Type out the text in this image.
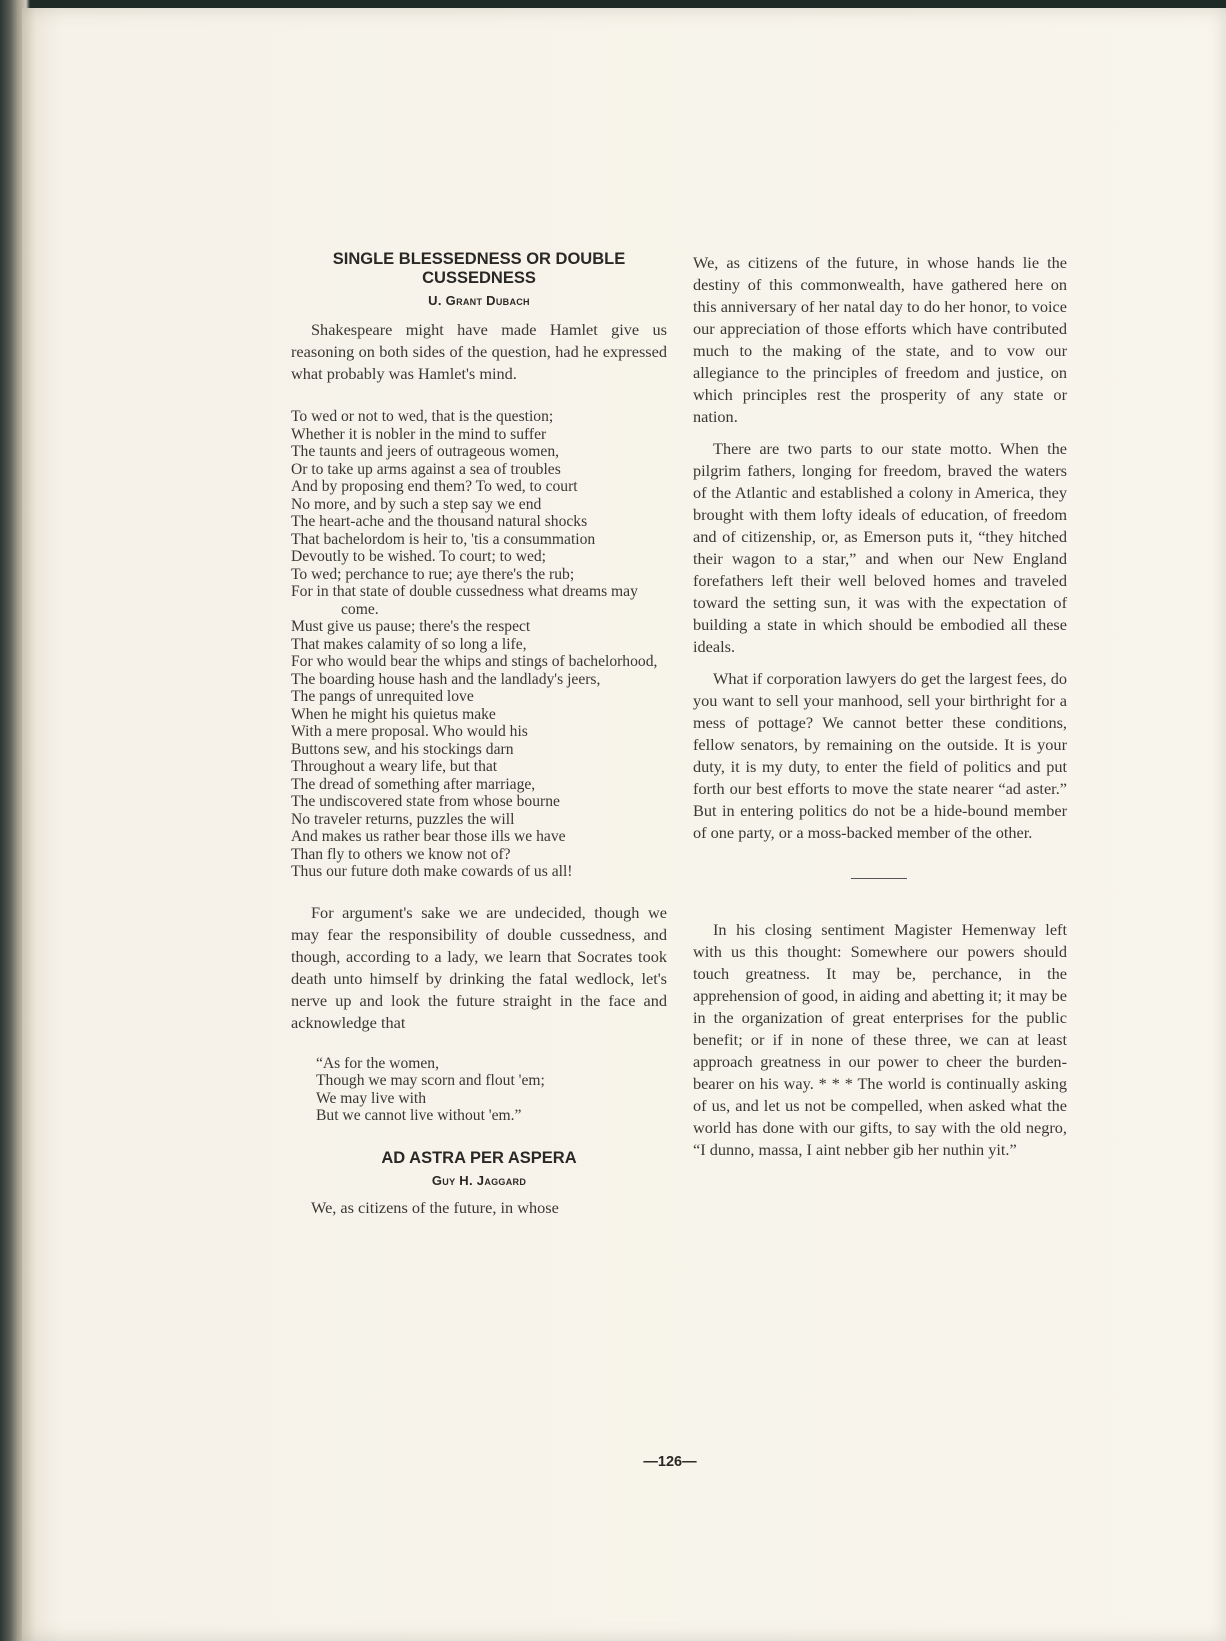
SINGLE BLESSEDNESS OR DOUBLE CUSSEDNESS

U. Grant Dubach

Shakespeare might have made Hamlet give us reasoning on both sides of the question, had he expressed what probably was Hamlet's mind.

To wed or not to wed, that is the question;
Whether it is nobler in the mind to suffer
The taunts and jeers of outrageous women,
Or to take up arms against a sea of troubles
And by proposing end them? To wed, to court
No more, and by such a step say we end
The heart-ache and the thousand natural shocks
That bachelordom is heir to, 'tis a consummation
Devoutly to be wished. To court; to wed;
To wed; perchance to rue; aye there's the rub;
For in that state of double cussedness what dreams may come.
Must give us pause; there's the respect
That makes calamity of so long a life,
For who would bear the whips and stings of bachelorhood,
The boarding house hash and the landlady's jeers,
The pangs of unrequited love
When he might his quietus make
With a mere proposal. Who would his
Buttons sew, and his stockings darn
Throughout a weary life, but that
The dread of something after marriage,
The undiscovered state from whose bourne
No traveler returns, puzzles the will
And makes us rather bear those ills we have
Than fly to others we know not of?
Thus our future doth make cowards of us all!

For argument's sake we are undecided, though we may fear the responsibility of double cussedness, and though, according to a lady, we learn that Socrates took death unto himself by drinking the fatal wedlock, let's nerve up and look the future straight in the face and acknowledge that

“As for the women,
Though we may scorn and flout 'em;
We may live with
But we cannot live without 'em.”
AD ASTRA PER ASPERA

Guy H. Jaggard

We, as citizens of the future, in whose

We, as citizens of the future, in whose hands lie the destiny of this commonwealth, have gathered here on this anniversary of her natal day to do her honor, to voice our appreciation of those efforts which have contributed much to the making of the state, and to vow our allegiance to the principles of freedom and justice, on which principles rest the prosperity of any state or nation.

There are two parts to our state motto. When the pilgrim fathers, longing for freedom, braved the waters of the Atlantic and established a colony in America, they brought with them lofty ideals of education, of freedom and of citizenship, or, as Emerson puts it, “they hitched their wagon to a star,” and when our New England forefathers left their well beloved homes and traveled toward the setting sun, it was with the expectation of building a state in which should be embodied all these ideals.

What if corporation lawyers do get the largest fees, do you want to sell your manhood, sell your birthright for a mess of pottage? We cannot better these conditions, fellow senators, by remaining on the outside. It is your duty, it is my duty, to enter the field of politics and put forth our best efforts to move the state nearer “ad aster.” But in entering politics do not be a hide-bound member of one party, or a moss-backed member of the other.

In his closing sentiment Magister Hemenway left with us this thought: Somewhere our powers should touch greatness. It may be, perchance, in the apprehension of good, in aiding and abetting it; it may be in the organization of great enterprises for the public benefit; or if in none of these three, we can at least approach greatness in our power to cheer the burden-bearer on his way. * * * The world is continually asking of us, and let us not be compelled, when asked what the world has done with our gifts, to say with the old negro, “I dunno, massa, I aint nebber gib her nuthin yit.”

—126—
